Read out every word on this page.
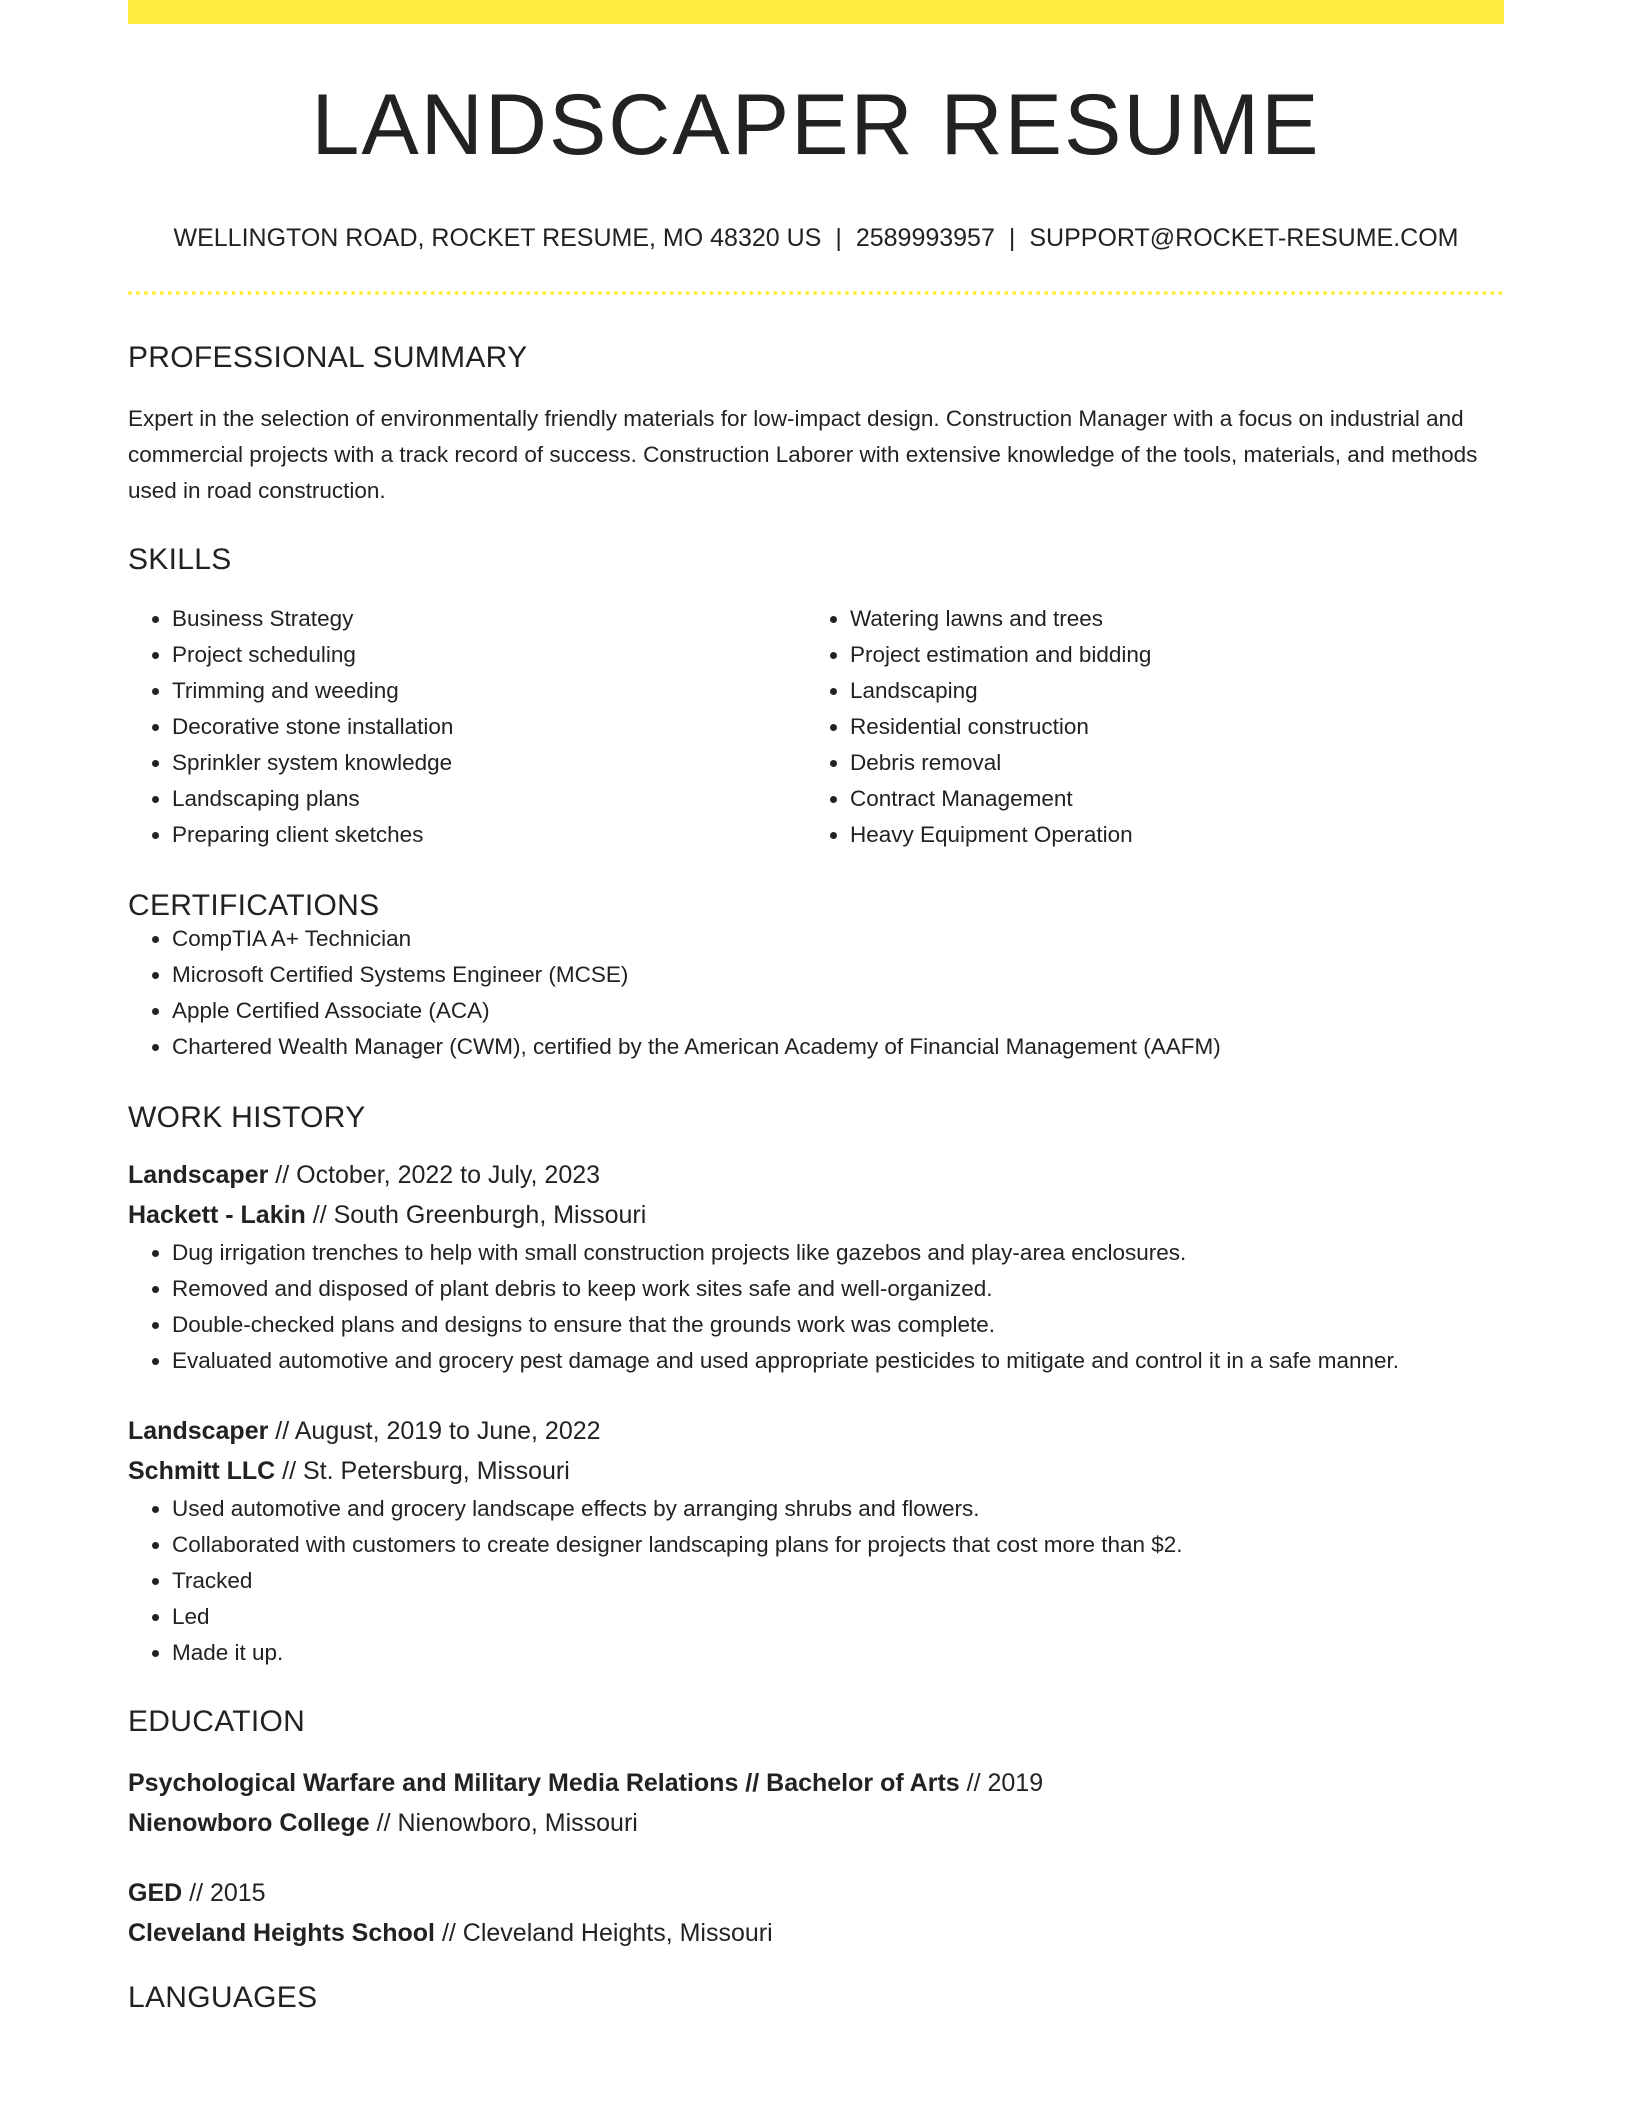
LANDSCAPER RESUME
WELLINGTON ROAD, ROCKET RESUME, MO 48320 US | 2589993957 | SUPPORT@ROCKET-RESUME.COM
PROFESSIONAL SUMMARY
Expert in the selection of environmentally friendly materials for low-impact design. Construction Manager with a focus on industrial and commercial projects with a track record of success. Construction Laborer with extensive knowledge of the tools, materials, and methods used in road construction.
SKILLS
• Business Strategy
• Project scheduling
• Trimming and weeding
• Decorative stone installation
• Sprinkler system knowledge
• Landscaping plans
• Preparing client sketches
• Watering lawns and trees
• Project estimation and bidding
• Landscaping
• Residential construction
• Debris removal
• Contract Management
• Heavy Equipment Operation
CERTIFICATIONS
• CompTIA A+ Technician
• Microsoft Certified Systems Engineer (MCSE)
• Apple Certified Associate (ACA)
• Chartered Wealth Manager (CWM), certified by the American Academy of Financial Management (AAFM)
WORK HISTORY
Landscaper // October, 2022 to July, 2023
Hackett - Lakin // South Greenburgh, Missouri
• Dug irrigation trenches to help with small construction projects like gazebos and play-area enclosures.
• Removed and disposed of plant debris to keep work sites safe and well-organized.
• Double-checked plans and designs to ensure that the grounds work was complete.
• Evaluated automotive and grocery pest damage and used appropriate pesticides to mitigate and control it in a safe manner.
Landscaper // August, 2019 to June, 2022
Schmitt LLC // St. Petersburg, Missouri
• Used automotive and grocery landscape effects by arranging shrubs and flowers.
• Collaborated with customers to create designer landscaping plans for projects that cost more than $2.
• Tracked
• Led
• Made it up.
EDUCATION
Psychological Warfare and Military Media Relations // Bachelor of Arts // 2019
Nienowboro College // Nienowboro, Missouri
GED // 2015
Cleveland Heights School // Cleveland Heights, Missouri
LANGUAGES
